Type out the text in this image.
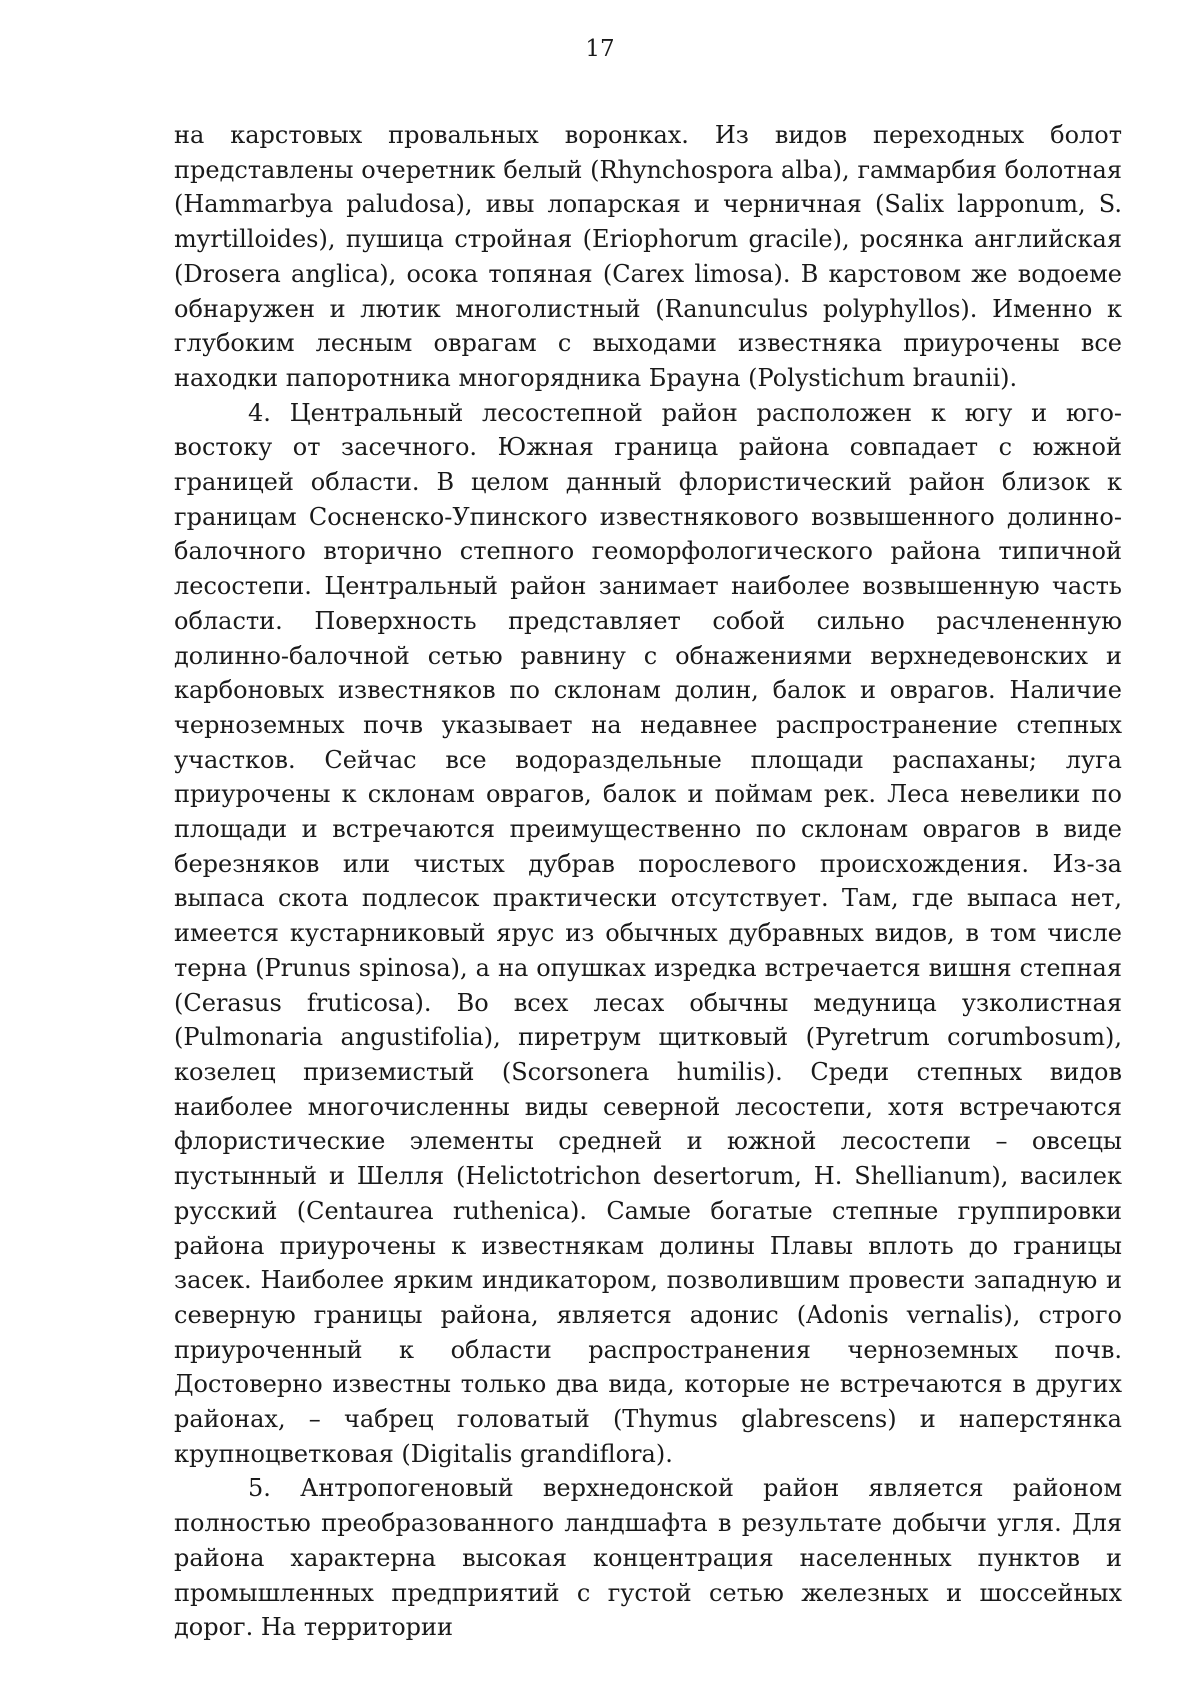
17

на карстовых провальных воронках. Из видов переходных болот представлены очеретник белый (Rhynchospora alba), гаммарбия болотная (Hammarbya paludosa), ивы лопарская и черничная (Salix lapponum, S. myrtilloides), пушица стройная (Eriophorum gracile), росянка английская (Drosera anglica), осока топяная (Carex limosa). В карстовом же водоеме обнаружен и лютик многолистный (Ranunculus polyphyllos). Именно к глубоким лесным оврагам с выходами известняка приурочены все находки папоротника многорядника Брауна (Polystichum braunii).

4. Центральный лесостепной район расположен к югу и юго-востоку от засечного. Южная граница района совпадает с южной границей области. В целом данный флористический район близок к границам Сосненско-Упинского известнякового возвышенного долинно-балочного вторично степного геоморфологического района типичной лесостепи. Центральный район занимает наиболее возвышенную часть области. Поверхность представляет собой сильно расчлененную долинно-балочной сетью равнину с обнажениями верхнедевонских и карбоновых известняков по склонам долин, балок и оврагов. Наличие черноземных почв указывает на недавнее распространение степных участков. Сейчас все водораздельные площади распаханы; луга приурочены к склонам оврагов, балок и поймам рек. Леса невелики по площади и встречаются преимущественно по склонам оврагов в виде березняков или чистых дубрав порослевого происхождения. Из-за выпаса скота подлесок практически отсутствует. Там, где выпаса нет, имеется кустарниковый ярус из обычных дубравных видов, в том числе терна (Prunus spinosa), а на опушках изредка встречается вишня степная (Cerasus fruticosa). Во всех лесах обычны медуница узколистная (Pulmonaria angustifolia), пиретрум щитковый (Pyretrum corumbosum), козелец приземистый (Scorsonera humilis). Среди степных видов наиболее многочисленны виды северной лесостепи, хотя встречаются флористические элементы средней и южной лесостепи – овсецы пустынный и Шелля (Helictotrichon desertorum, H. Shellianum), василек русский (Centaurea ruthenica). Самые богатые степные группировки района приурочены к известнякам долины Плавы вплоть до границы засек. Наиболее ярким индикатором, позволившим провести западную и северную границы района, является адонис (Adonis vernalis), строго приуроченный к области распространения черноземных почв. Достоверно известны только два вида, которые не встречаются в других районах, – чабрец головатый (Thymus glabrescens) и наперстянка крупноцветковая (Digitalis grandiflora).

5. Антропогеновый верхнедонской район является районом полностью преобразованного ландшафта в результате добычи угля. Для района характерна высокая концентрация населенных пунктов и промышленных предприятий с густой сетью железных и шоссейных дорог. На территории
